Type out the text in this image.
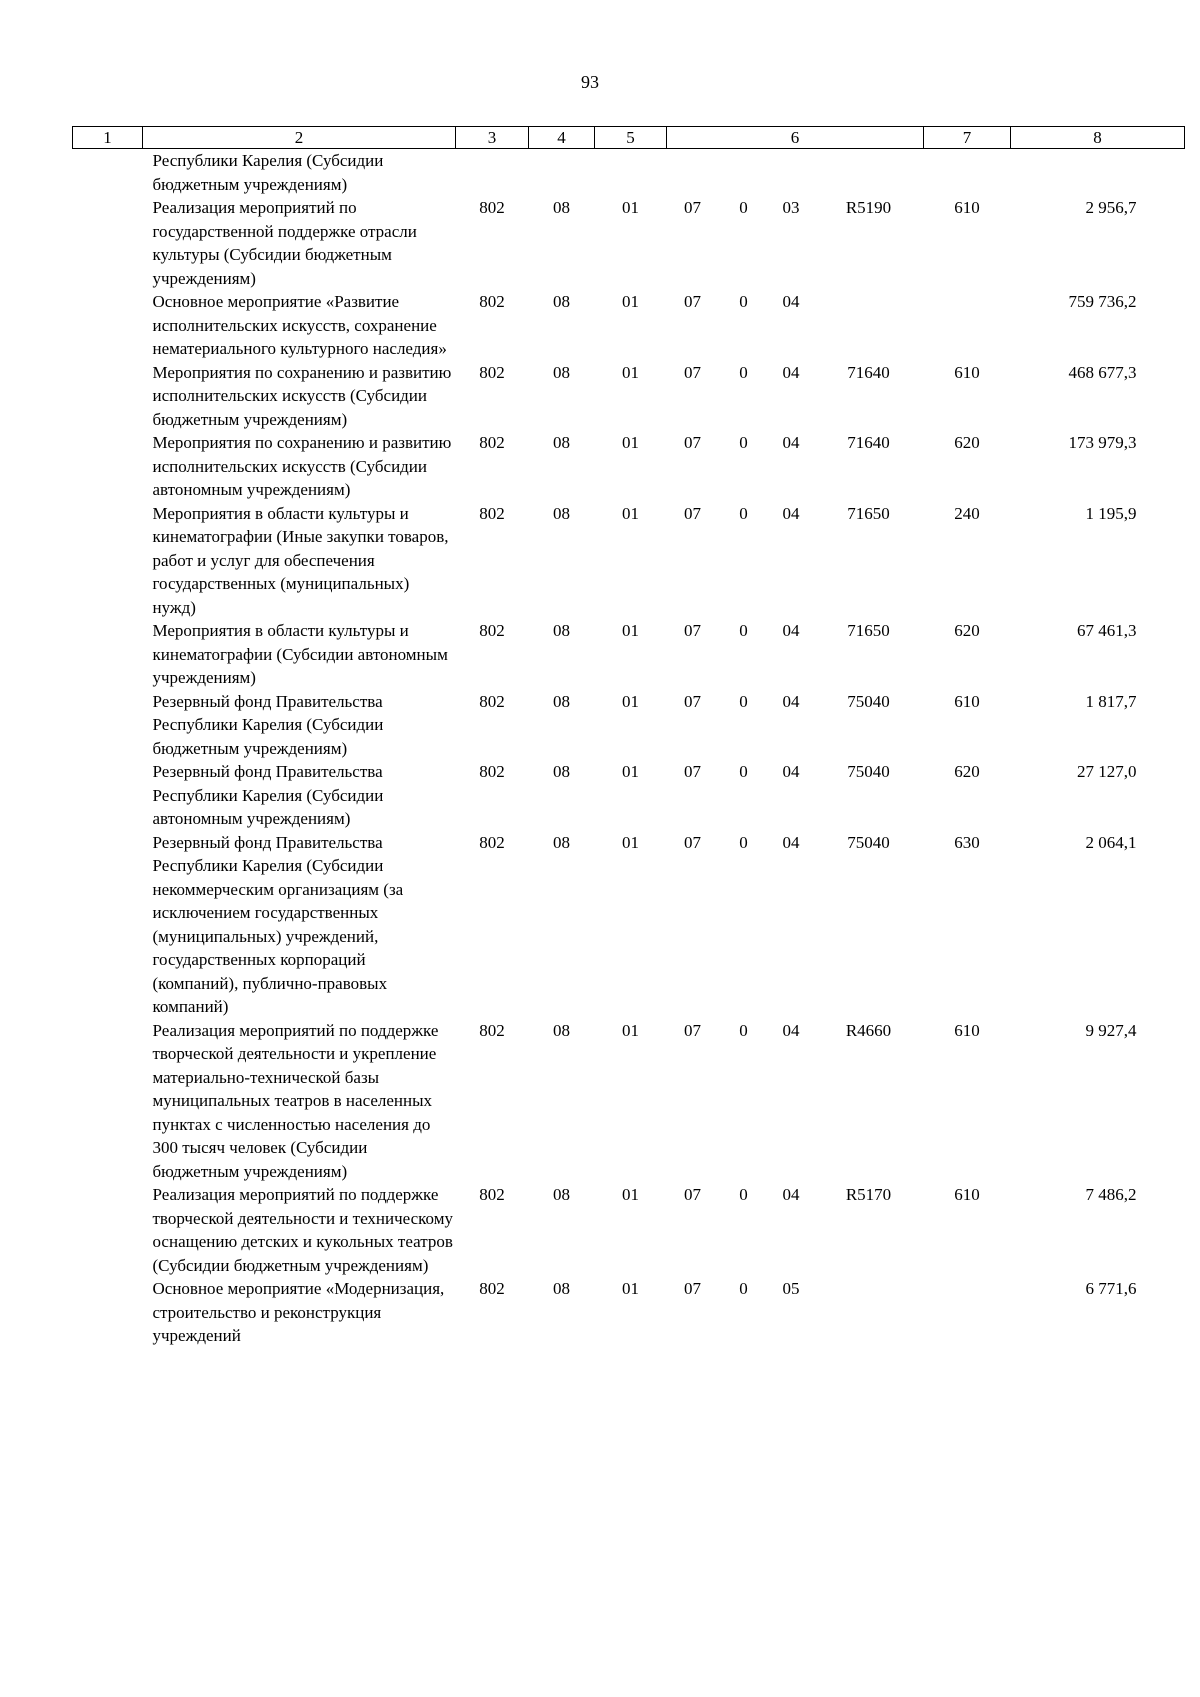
93
1	2	3	4	5	6				7	8
	Республики Карелия (Субсидии бюджетным учреждениям)									
	Реализация мероприятий по государственной поддержке отрасли культуры (Субсидии бюджетным учреждениям)	802	08	01	07	0	03	R5190	610	2 956,7
	Основное мероприятие «Развитие исполнительских искусств, сохранение нематериального культурного наследия»	802	08	01	07	0	04			759 736,2
	Мероприятия по сохранению и развитию исполнительских искусств (Субсидии бюджетным учреждениям)	802	08	01	07	0	04	71640	610	468 677,3
	Мероприятия по сохранению и развитию исполнительских искусств (Субсидии автономным учреждениям)	802	08	01	07	0	04	71640	620	173 979,3
	Мероприятия в области культуры и кинематографии (Иные закупки товаров, работ и услуг для обеспечения государственных (муниципальных) нужд)	802	08	01	07	0	04	71650	240	1 195,9
	Мероприятия в области культуры и кинематографии (Субсидии автономным учреждениям)	802	08	01	07	0	04	71650	620	67 461,3
	Резервный фонд Правительства Республики Карелия (Субсидии бюджетным учреждениям)	802	08	01	07	0	04	75040	610	1 817,7
	Резервный фонд Правительства Республики Карелия (Субсидии автономным учреждениям)	802	08	01	07	0	04	75040	620	27 127,0
	Резервный фонд Правительства Республики Карелия (Субсидии некоммерческим организациям (за исключением государственных (муниципальных) учреждений, государственных корпораций (компаний), публично-правовых компаний)	802	08	01	07	0	04	75040	630	2 064,1
	Реализация мероприятий по поддержке творческой деятельности и укрепление материально-технической базы муниципальных театров в населенных пунктах с численностью населения до 300 тысяч человек (Субсидии бюджетным учреждениям)	802	08	01	07	0	04	R4660	610	9 927,4
	Реализация мероприятий по поддержке творческой деятельности и техническому оснащению детских и кукольных театров (Субсидии бюджетным учреждениям)	802	08	01	07	0	04	R5170	610	7 486,2
	Основное мероприятие «Модернизация, строительство и реконструкция учреждений	802	08	01	07	0	05			6 771,6
